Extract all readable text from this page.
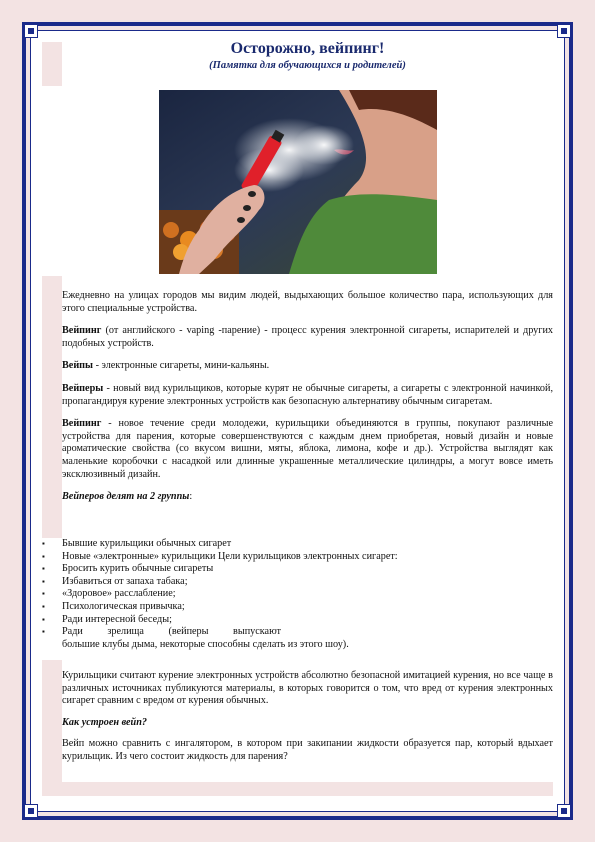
Осторожно, вейпинг!
(Памятка для обучающихся и родителей)

Ежедневно на улицах городов мы видим людей, выдыхающих большое количество пара, использующих для этого специальные устройства.

Вейпинг (от английского - vaping -парение) - процесс курения электронной сигареты, испарителей и других подобных устройств.

Вейпы - электронные сигареты, мини-кальяны.

Вейперы - новый вид курильщиков, которые курят не обычные сигареты, а сигареты с электронной начинкой, пропагандируя курение электронных устройств как безопасную альтернативу обычным сигаретам.

Вейпинг - новое течение среди молодежи, курильщики объединяются в группы, покупают различные устройства для парения, которые совершенствуются с каждым днем приобретая, новый дизайн и новые ароматические свойства (со вкусом вишни, мяты, яблока, лимона, кофе и др.). Устройства выглядят как маленькие коробочки с насадкой или длинные украшенные металлические цилиндры, а могут вовсе иметь эксклюзивный дизайн.

Вейперов делят на 2 группы:

▪ Бывшие курильщики обычных сигарет
▪ Новые «электронные» курильщики Цели курильщиков электронных сигарет:
▪ Бросить курить обычные сигареты
▪ Избавиться от запаха табака;
▪ «Здоровое» расслабление;
▪ Психологическая привычка;
▪ Ради интересной беседы;
▪ Ради зрелища (вейперы выпускают
большие клубы дыма, некоторые способны сделать из этого шоу).

Курильщики считают курение электронных устройств абсолютно безопасной имитацией курения, но все чаще в различных источниках публикуются материалы, в которых говорится о том, что вред от курения электронных сигарет сравним с вредом от курения обычных.

Как устроен вейп?

Вейп можно сравнить с ингалятором, в котором при закипании жидкости образуется пар, который вдыхает курильщик. Из чего состоит жидкость для парения?
